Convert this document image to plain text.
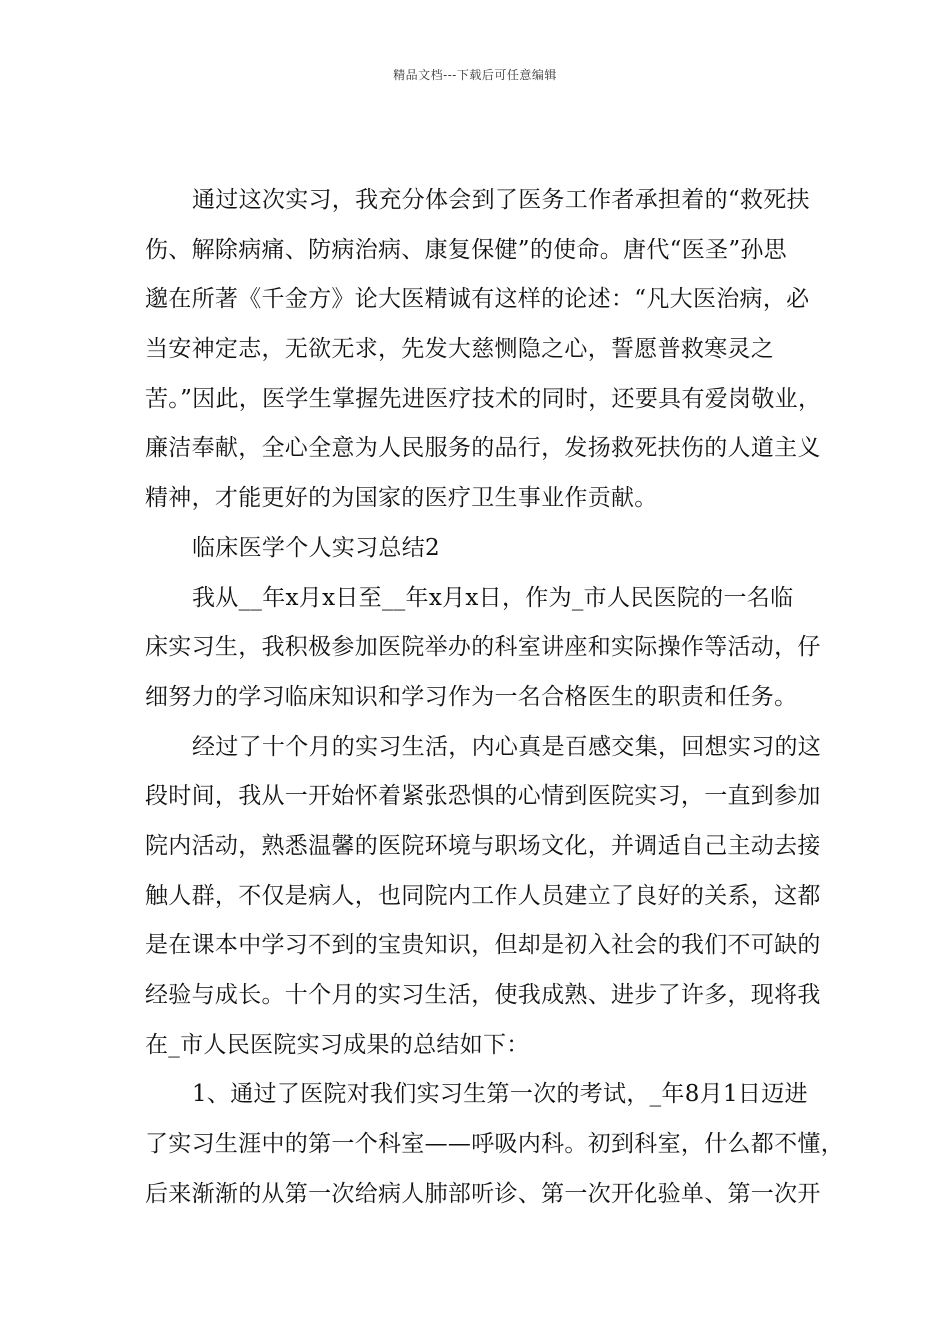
精品文档---下载后可任意编辑
通过这次实习，我充分体会到了医务工作者承担着的“救死扶
伤、解除病痛、防病治病、康复保健”的使命。唐代“医圣”孙思
邈在所著《千金方》论大医精诚有这样的论述：“凡大医治病，必
当安神定志，无欲无求，先发大慈恻隐之心，誓愿普救寒灵之
苦。”因此，医学生掌握先进医疗技术的同时，还要具有爱岗敬业，
廉洁奉献，全心全意为人民服务的品行，发扬救死扶伤的人道主义
精神，才能更好的为国家的医疗卫生事业作贡献。
临床医学个人实习总结2
我从__年x月x日至__年x月x日，作为_市人民医院的一名临
床实习生，我积极参加医院举办的科室讲座和实际操作等活动，仔
细努力的学习临床知识和学习作为一名合格医生的职责和任务。
经过了十个月的实习生活，内心真是百感交集，回想实习的这
段时间，我从一开始怀着紧张恐惧的心情到医院实习，一直到参加
院内活动，熟悉温馨的医院环境与职场文化，并调适自己主动去接
触人群，不仅是病人，也同院内工作人员建立了良好的关系，这都
是在课本中学习不到的宝贵知识，但却是初入社会的我们不可缺的
经验与成长。十个月的实习生活，使我成熟、进步了许多，现将我
在_市人民医院实习成果的总结如下：
1、通过了医院对我们实习生第一次的考试，_年8月1日迈进
了实习生涯中的第一个科室——呼吸内科。初到科室，什么都不懂，
后来渐渐的从第一次给病人肺部听诊、第一次开化验单、第一次开
